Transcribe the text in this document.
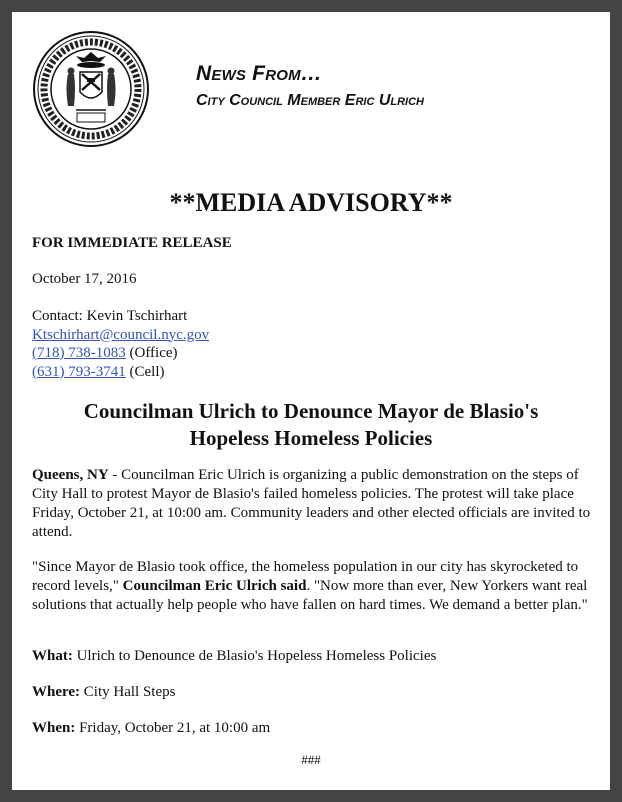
News From…
City Council Member Eric Ulrich
**MEDIA ADVISORY**
FOR IMMEDIATE RELEASE
October 17, 2016
Contact: Kevin Tschirhart
Ktschirhart@council.nyc.gov
(718) 738-1083 (Office)
(631) 793-3741 (Cell)
Councilman Ulrich to Denounce Mayor de Blasio's
Hopeless Homeless Policies
Queens, NY - Councilman Eric Ulrich is organizing a public demonstration on the steps of City Hall to protest Mayor de Blasio's failed homeless policies. The protest will take place Friday, October 21, at 10:00 am. Community leaders and other elected officials are invited to attend.
"Since Mayor de Blasio took office, the homeless population in our city has skyrocketed to record levels," Councilman Eric Ulrich said. "Now more than ever, New Yorkers want real solutions that actually help people who have fallen on hard times. We demand a better plan."
What: Ulrich to Denounce de Blasio's Hopeless Homeless Policies
Where: City Hall Steps
When: Friday, October 21, at 10:00 am
###
